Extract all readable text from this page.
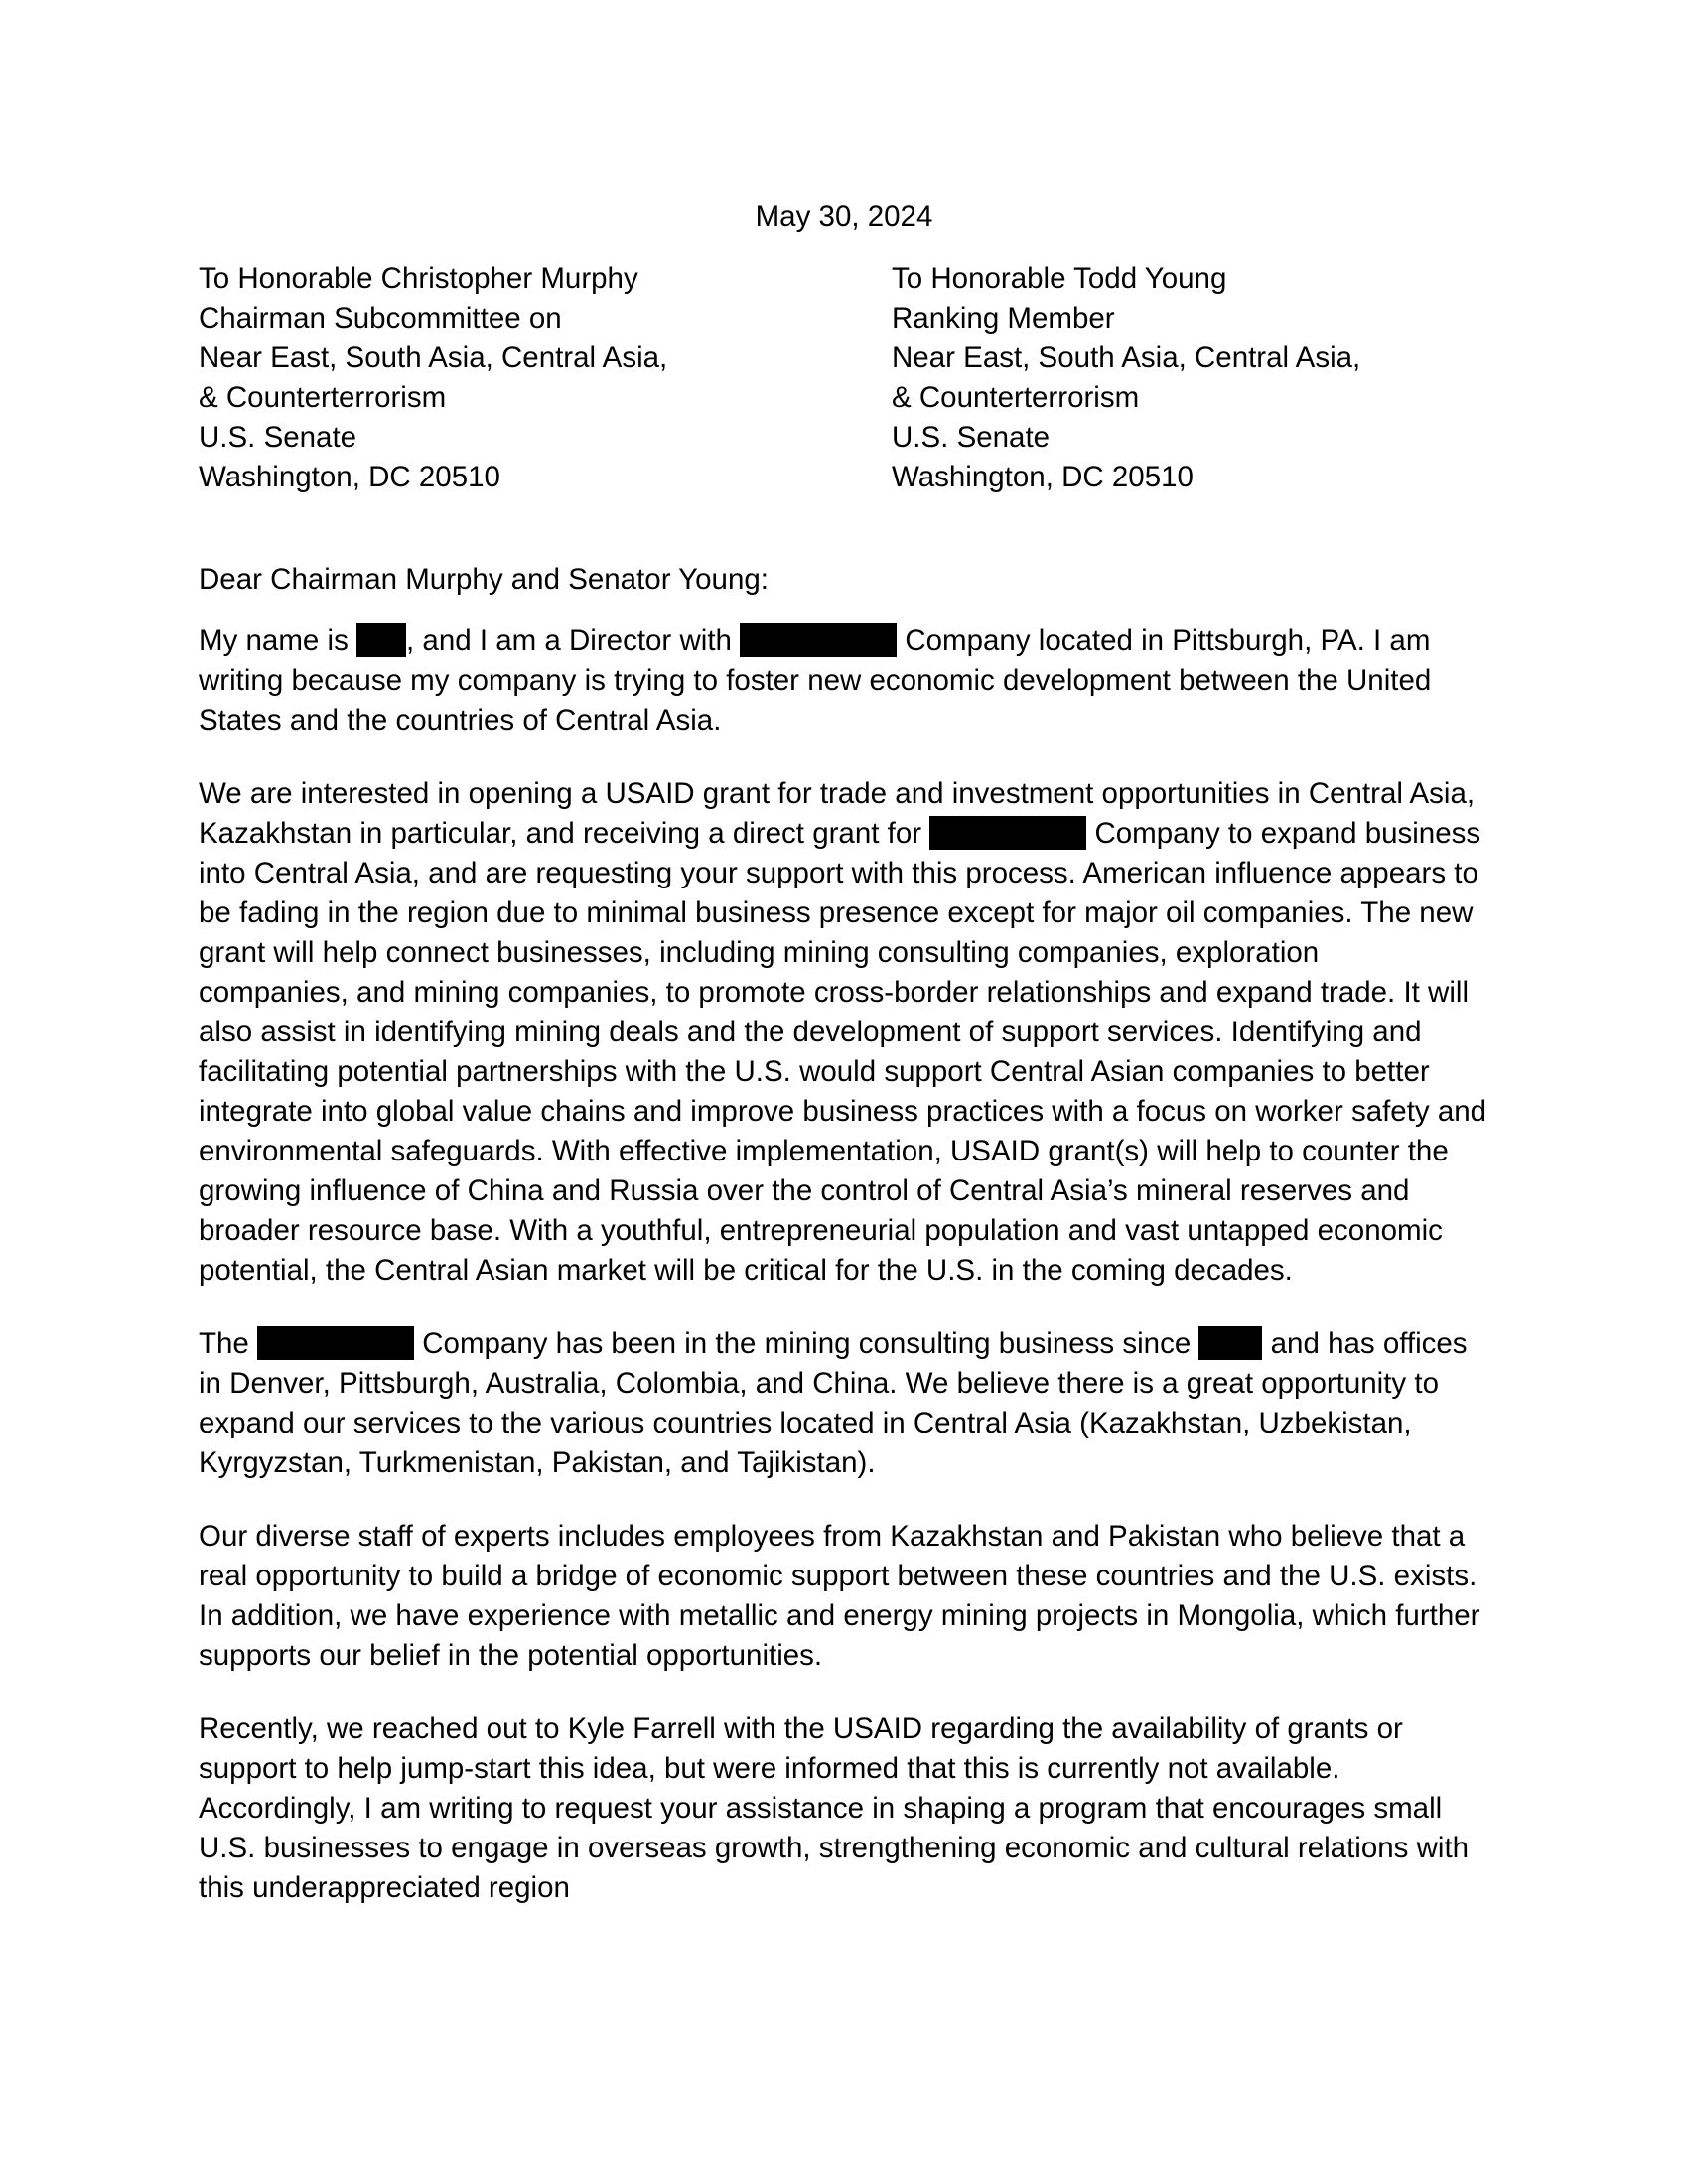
May 30, 2024
To Honorable Christopher Murphy
Chairman Subcommittee on
Near East, South Asia, Central Asia,
& Counterterrorism
U.S. Senate
Washington, DC 20510
To Honorable Todd Young
Ranking Member
Near East, South Asia, Central Asia,
& Counterterrorism
U.S. Senate
Washington, DC 20510
Dear Chairman Murphy and Senator Young:
My name is , and I am a Director with	Company located in Pittsburgh, PA. I am
writing because my company is trying to foster new economic development between the United
States and the countries of Central Asia.
We are interested in opening a USAID grant for trade and investment opportunities in Central Asia,
Kazakhstan in particular, and receiving a direct grant for	Company to expand business
into Central Asia, and are requesting your support with this process. American influence appears to
be fading in the region due to minimal business presence except for major oil companies. The new
grant will help connect businesses, including mining consulting companies, exploration
companies, and mining companies, to promote cross-border relationships and expand trade. It will
also assist in identifying mining deals and the development of support services. Identifying and
facilitating potential partnerships with the U.S. would support Central Asian companies to better
integrate into global value chains and improve business practices with a focus on worker safety and
environmental safeguards. With effective implementation, USAID grant(s) will help to counter the
growing influence of China and Russia over the control of Central Asia’s mineral reserves and
broader resource base. With a youthful, entrepreneurial population and vast untapped economic
potential, the Central Asian market will be critical for the U.S. in the coming decades.
The	Company has been in the mining consulting business since  and has offices
in Denver, Pittsburgh, Australia, Colombia, and China. We believe there is a great opportunity to
expand our services to the various countries located in Central Asia (Kazakhstan, Uzbekistan,
Kyrgyzstan, Turkmenistan, Pakistan, and Tajikistan).
Our diverse staff of experts includes employees from Kazakhstan and Pakistan who believe that a
real opportunity to build a bridge of economic support between these countries and the U.S. exists.
In addition, we have experience with metallic and energy mining projects in Mongolia, which further
supports our belief in the potential opportunities.
Recently, we reached out to Kyle Farrell with the USAID regarding the availability of grants or
support to help jump-start this idea, but were informed that this is currently not available.
Accordingly, I am writing to request your assistance in shaping a program that encourages small
U.S. businesses to engage in overseas growth, strengthening economic and cultural relations with
this underappreciated region
